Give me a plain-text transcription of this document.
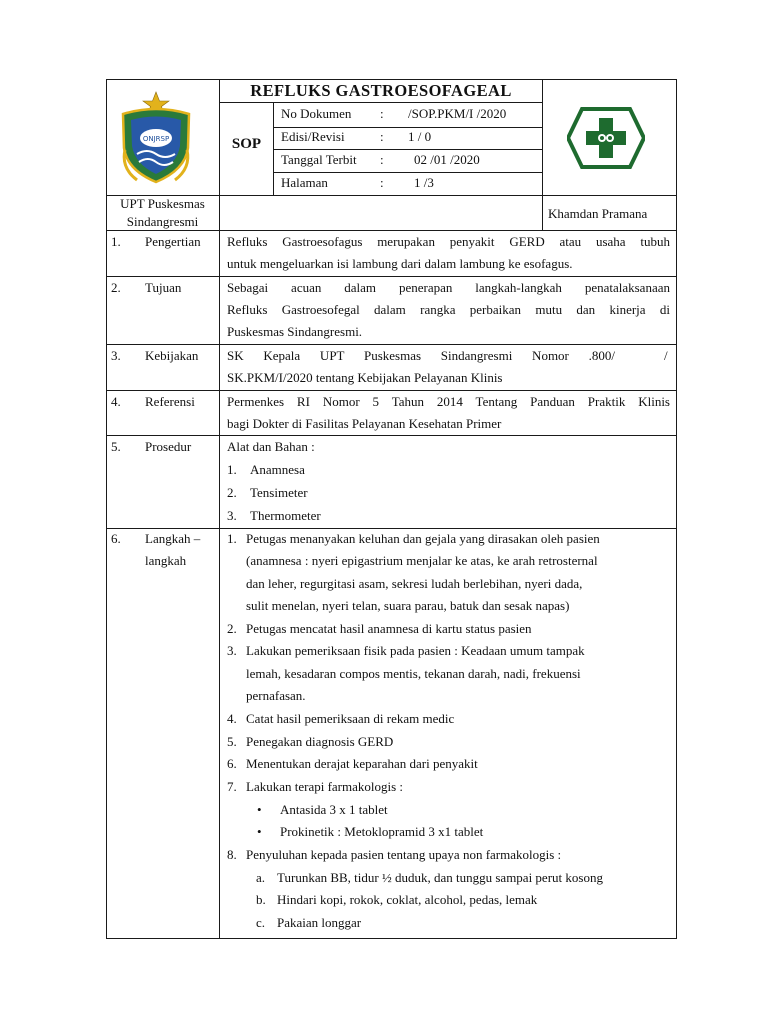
ONJRSP
REFLUKS GASTROESOFAGEAL
SOP
No Dokumen : /SOP.PKM/I /2020
Edisi/Revisi	: 1 / 0
Tanggal Terbit : 02 /01 /2020
Halaman	: 1 /3
UPT Puskesmas
Sindangresmi
Khamdan Pramana
1. Pengertian Refluks Gastroesofagus merupakan penyakit GERD atau usaha tubuh
untuk mengeluarkan isi lambung dari dalam lambung ke esofagus.
2. Tujuan	Sebagai acuan dalam penerapan langkah-langkah penatalaksanaan
Refluks Gastroesofegal dalam rangka perbaikan mutu dan kinerja di
Puskesmas Sindangresmi.
3. Kebijakan SK Kepala UPT Puskesmas Sindangresmi Nomor .800/	/
SK.PKM/I/2020 tentang Kebijakan Pelayanan Klinis
4. Referensi Permenkes RI Nomor 5 Tahun 2014 Tentang Panduan Praktik Klinis
bagi Dokter di Fasilitas Pelayanan Kesehatan Primer
5. Prosedur	Alat dan Bahan :
1. Anamnesa
2. Tensimeter
3. Thermometer
6. Langkah –
langkah
1. Petugas menanyakan keluhan dan gejala yang dirasakan oleh pasien
(anamnesa : nyeri epigastrium menjalar ke atas, ke arah retrosternal
dan leher, regurgitasi asam, sekresi ludah berlebihan, nyeri dada,
sulit menelan, nyeri telan, suara parau, batuk dan sesak napas)
2. Petugas mencatat hasil anamnesa di kartu status pasien
3. Lakukan pemeriksaan fisik pada pasien : Keadaan umum tampak
lemah, kesadaran compos mentis, tekanan darah, nadi, frekuensi
pernafasan.
4. Catat hasil pemeriksaan di rekam medic
5. Penegakan diagnosis GERD
6. Menentukan derajat keparahan dari penyakit
7. Lakukan terapi farmakologis :
• Antasida 3 x 1 tablet
• Prokinetik : Metoklopramid 3 x1 tablet
8. Penyuluhan kepada pasien tentang upaya non farmakologis :
a. Turunkan BB, tidur ½ duduk, dan tunggu sampai perut kosong
b. Hindari kopi, rokok, coklat, alcohol, pedas, lemak
c. Pakaian longgar
